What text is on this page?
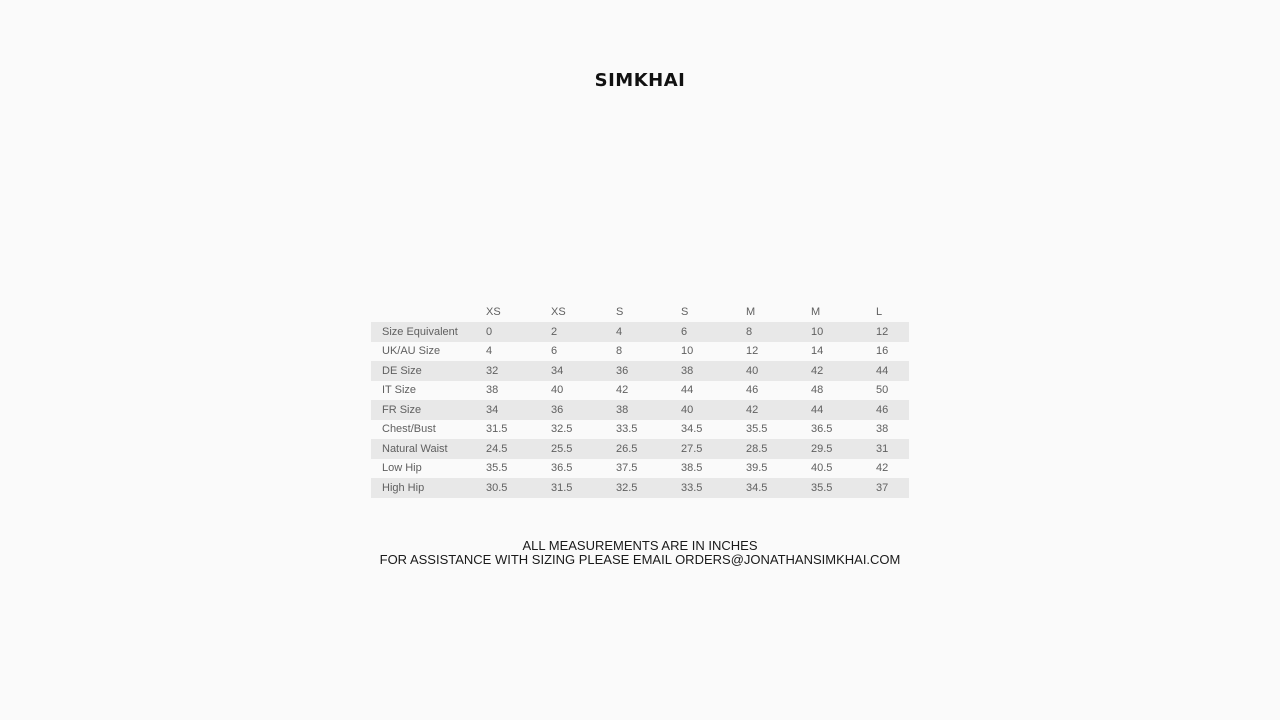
SIMKHAI
	XS	XS	S	S	M	M	L
Size Equivalent	0	2	4	6	8	10	12
UK/AU Size	4	6	8	10	12	14	16
DE Size	32	34	36	38	40	42	44
IT Size	38	40	42	44	46	48	50
FR Size	34	36	38	40	42	44	46
Chest/Bust	31.5	32.5	33.5	34.5	35.5	36.5	38
Natural Waist	24.5	25.5	26.5	27.5	28.5	29.5	31
Low Hip	35.5	36.5	37.5	38.5	39.5	40.5	42
High Hip	30.5	31.5	32.5	33.5	34.5	35.5	37
ALL MEASUREMENTS ARE IN INCHES
FOR ASSISTANCE WITH SIZING PLEASE EMAIL ORDERS@JONATHANSIMKHAI.COM
